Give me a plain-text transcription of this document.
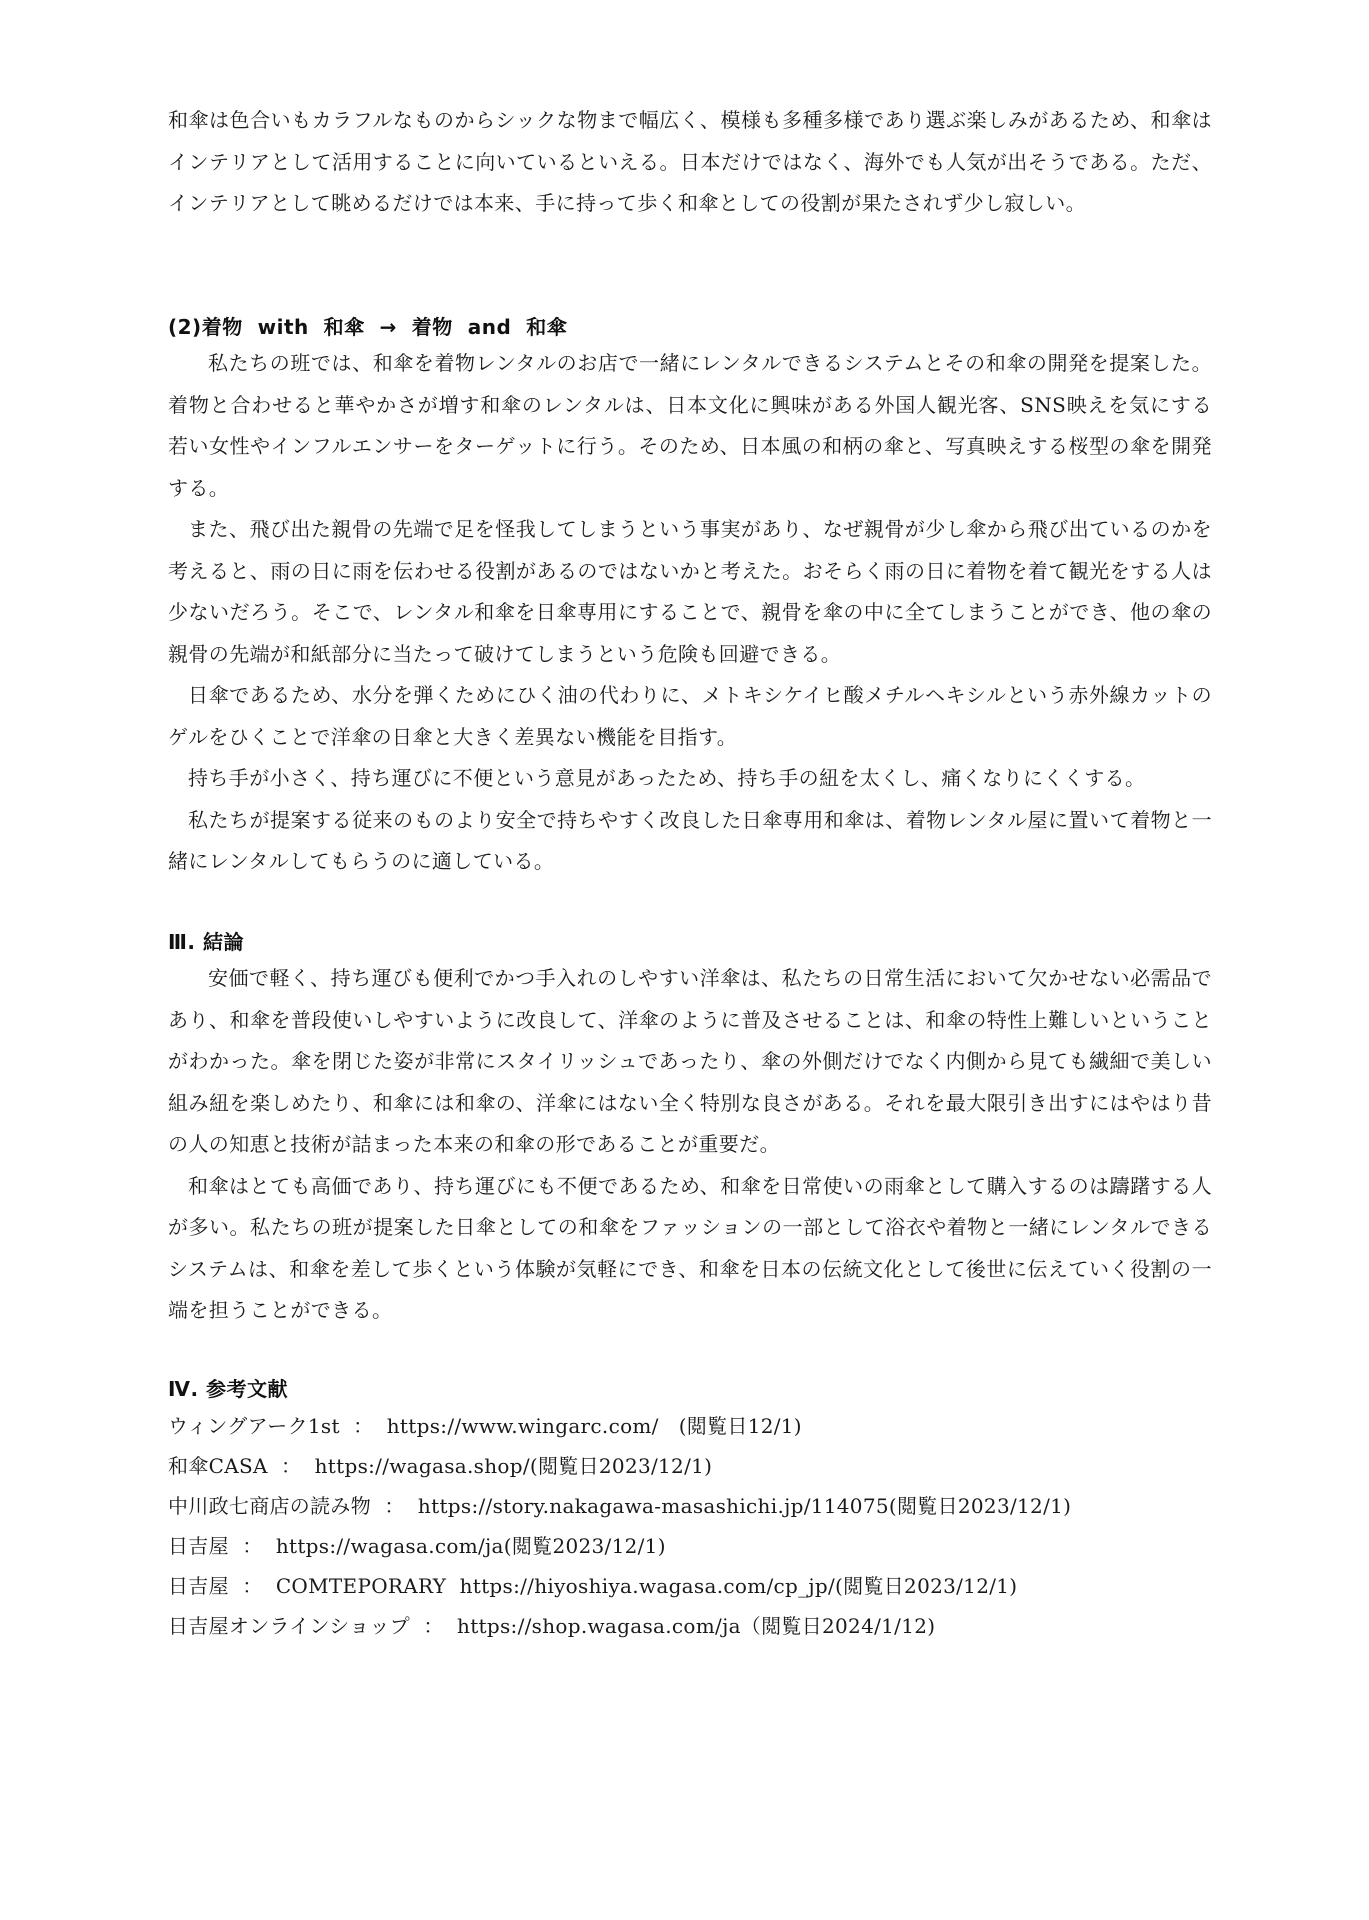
和傘は色合いもカラフルなものからシックな物まで幅広く、模様も多種多様であり選ぶ楽しみがあるため、和傘はインテリアとして活用することに向いているといえる。日本だけではなく、海外でも人気が出そうである。ただ、インテリアとして眺めるだけでは本来、手に持って歩く和傘としての役割が果たされず少し寂しい。

(2)着物  with  和傘  →  着物  and  和傘

私たちの班では、和傘を着物レンタルのお店で一緒にレンタルできるシステムとその和傘の開発を提案した。着物と合わせると華やかさが増す和傘のレンタルは、日本文化に興味がある外国人観光客、SNS映えを気にする若い女性やインフルエンサーをターゲットに行う。そのため、日本風の和柄の傘と、写真映えする桜型の傘を開発する。

また、飛び出た親骨の先端で足を怪我してしまうという事実があり、なぜ親骨が少し傘から飛び出ているのかを考えると、雨の日に雨を伝わせる役割があるのではないかと考えた。おそらく雨の日に着物を着て観光をする人は少ないだろう。そこで、レンタル和傘を日傘専用にすることで、親骨を傘の中に全てしまうことができ、他の傘の親骨の先端が和紙部分に当たって破けてしまうという危険も回避できる。

日傘であるため、水分を弾くためにひく油の代わりに、メトキシケイヒ酸メチルヘキシルという赤外線カットのゲルをひくことで洋傘の日傘と大きく差異ない機能を目指す。

持ち手が小さく、持ち運びに不便という意見があったため、持ち手の紐を太くし、痛くなりにくくする。

私たちが提案する従来のものより安全で持ちやすく改良した日傘専用和傘は、着物レンタル屋に置いて着物と一緒にレンタルしてもらうのに適している。

Ⅲ. 結論

安価で軽く、持ち運びも便利でかつ手入れのしやすい洋傘は、私たちの日常生活において欠かせない必需品であり、和傘を普段使いしやすいように改良して、洋傘のように普及させることは、和傘の特性上難しいということがわかった。傘を閉じた姿が非常にスタイリッシュであったり、傘の外側だけでなく内側から見ても繊細で美しい組み紐を楽しめたり、和傘には和傘の、洋傘にはない全く特別な良さがある。それを最大限引き出すにはやはり昔の人の知恵と技術が詰まった本来の和傘の形であることが重要だ。

和傘はとても高価であり、持ち運びにも不便であるため、和傘を日常使いの雨傘として購入するのは躊躇する人が多い。私たちの班が提案した日傘としての和傘をファッションの一部として浴衣や着物と一緒にレンタルできるシステムは、和傘を差して歩くという体験が気軽にでき、和傘を日本の伝統文化として後世に伝えていく役割の一端を担うことができる。

Ⅳ. 参考文献
ウィングアーク1st  ：  https://www.wingarc.com/   (閲覧日12/1)
和傘CASA  ：  https://wagasa.shop/(閲覧日2023/12/1)
中川政七商店の読み物  ：  https://story.nakagawa-masashichi.jp/114075(閲覧日2023/12/1)
日吉屋  ：  https://wagasa.com/ja(閲覧2023/12/1)
日吉屋  ：  COMTEPORARY  https://hiyoshiya.wagasa.com/cp_jp/(閲覧日2023/12/1)
日吉屋オンラインショップ  ：  https://shop.wagasa.com/ja（閲覧日2024/1/12)
